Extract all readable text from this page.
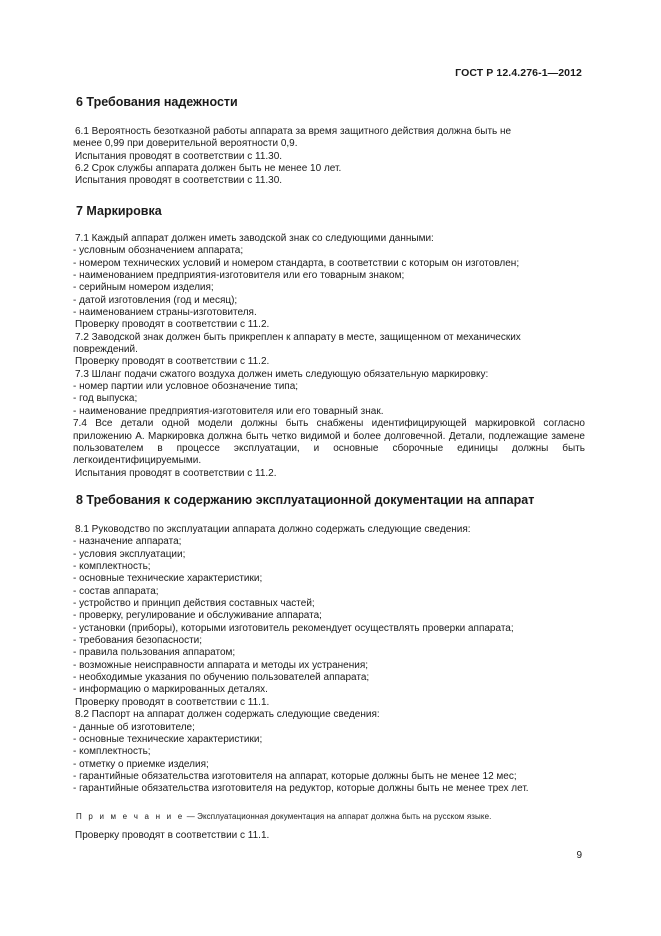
ГОСТ Р 12.4.276-1—2012
6 Требования надежности

6.1 Вероятность безотказной работы аппарата за время защитного действия должна быть не

менее 0,99 при доверительной вероятности 0,9.

Испытания проводят в соответствии с 11.30.

6.2 Срок службы аппарата должен быть не менее 10 лет.

Испытания проводят в соответствии с 11.30.

7 Маркировка

7.1 Каждый аппарат должен иметь заводской знак со следующими данными:

- условным обозначением аппарата;

- номером технических условий и номером стандарта, в соответствии с которым он изготовлен;

- наименованием предприятия-изготовителя или его товарным знаком;

- серийным номером изделия;

- датой изготовления (год и месяц);

- наименованием страны-изготовителя.

Проверку проводят в соответствии с 11.2.

7.2 Заводской знак должен быть прикреплен к аппарату в месте, защищенном от механических

повреждений.

Проверку проводят в соответствии с 11.2.

7.3 Шланг подачи сжатого воздуха должен иметь следующую обязательную маркировку:

- номер партии или условное обозначение типа;

- год выпуска;

- наименование предприятия-изготовителя или его товарный знак.

7.4 Все детали одной модели должны быть снабжены идентифицирующей маркировкой согласно приложению А. Маркировка должна быть четко видимой и более долговечной. Детали, подлежащие замене пользователем в процессе эксплуатации, и основные сборочные единицы должны быть легкоидентифицируемыми.

Испытания проводят в соответствии с 11.2.

8 Требования к содержанию эксплуатационной документации на аппарат

8.1 Руководство по эксплуатации аппарата должно содержать следующие сведения:

- назначение аппарата;

- условия эксплуатации;

- комплектность;

- основные технические характеристики;

- состав аппарата;

- устройство и принцип действия составных частей;

- проверку, регулирование и обслуживание аппарата;

- установки (приборы), которыми изготовитель рекомендует осуществлять проверки аппарата;

- требования безопасности;

- правила пользования аппаратом;

- возможные неисправности аппарата и методы их устранения;

- необходимые указания по обучению пользователей аппарата;

- информацию о маркированных деталях.

Проверку проводят в соответствии с 11.1.

8.2 Паспорт на аппарат должен содержать следующие сведения:

- данные об изготовителе;

- основные технические характеристики;

- комплектность;

- отметку о приемке изделия;

- гарантийные обязательства изготовителя на аппарат, которые должны быть не менее 12 мес;

- гарантийные обязательства изготовителя на редуктор, которые должны быть не менее трех лет.

П р и м е ч а н и е — Эксплуатационная документация на аппарат должна быть на русском языке.

Проверку проводят в соответствии с 11.1.

9
